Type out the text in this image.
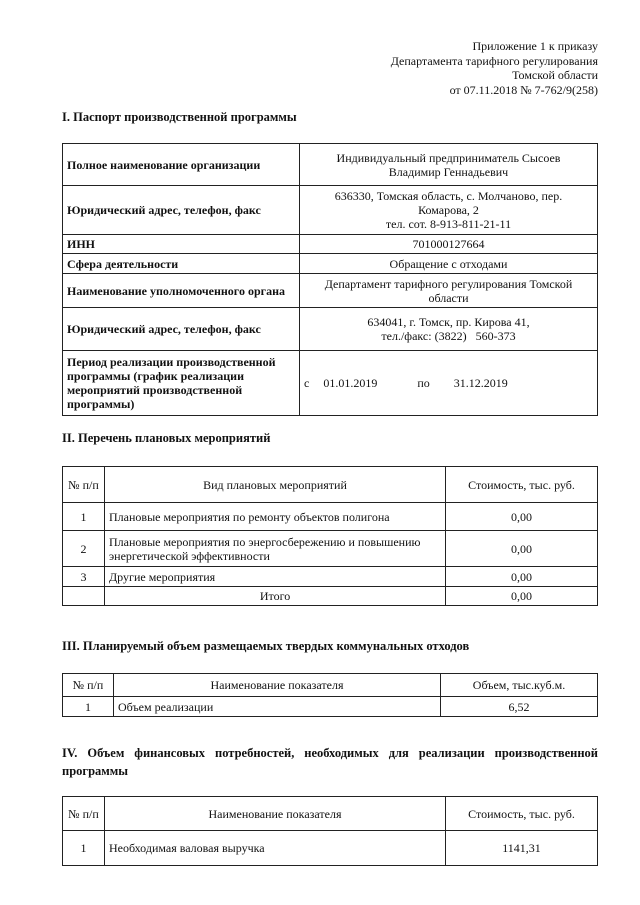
Приложение 1 к приказу
Департамента тарифного регулирования
Томской области
от 07.11.2018 № 7-762/9(258)
I. Паспорт производственной программы
Полное наименование организации	Индивидуальный предприниматель Сысоев
Владимир Геннадьевич

Юридический адрес, телефон, факс	636330, Томская область, с. Молчаново, пер.
Комарова, 2
тел. сот. 8-913-811-21-11

ИНН	701000127664
Сфера деятельности	Обращение с отходами
Наименование уполномоченного органа	Департамент тарифного регулирования Томской
области

Юридический адрес, телефон, факс	634041, г. Томск, пр. Кирова 41,
тел./факс: (3822)   560-373

Период реализации производственной программы (график реализации мероприятий производственной программы)	с 01.01.2019 по 31.12.2019
II. Перечень плановых мероприятий
№ п/п	Вид плановых мероприятий	Стоимость, тыс. руб.
1	Плановые мероприятия по ремонту объектов полигона	0,00
2	Плановые мероприятия по энергосбережению и повышению энергетической эффективности	0,00
3	Другие мероприятия	0,00
	Итого	0,00
III. Планируемый объем размещаемых твердых коммунальных отходов
№ п/п	Наименование показателя	Объем, тыс.куб.м.
1	Объем реализации	6,52
IV. Объем финансовых потребностей, необходимых для реализации производственной программы
№ п/п	Наименование показателя	Стоимость, тыс. руб.
1	Необходимая валовая выручка	1141,31
